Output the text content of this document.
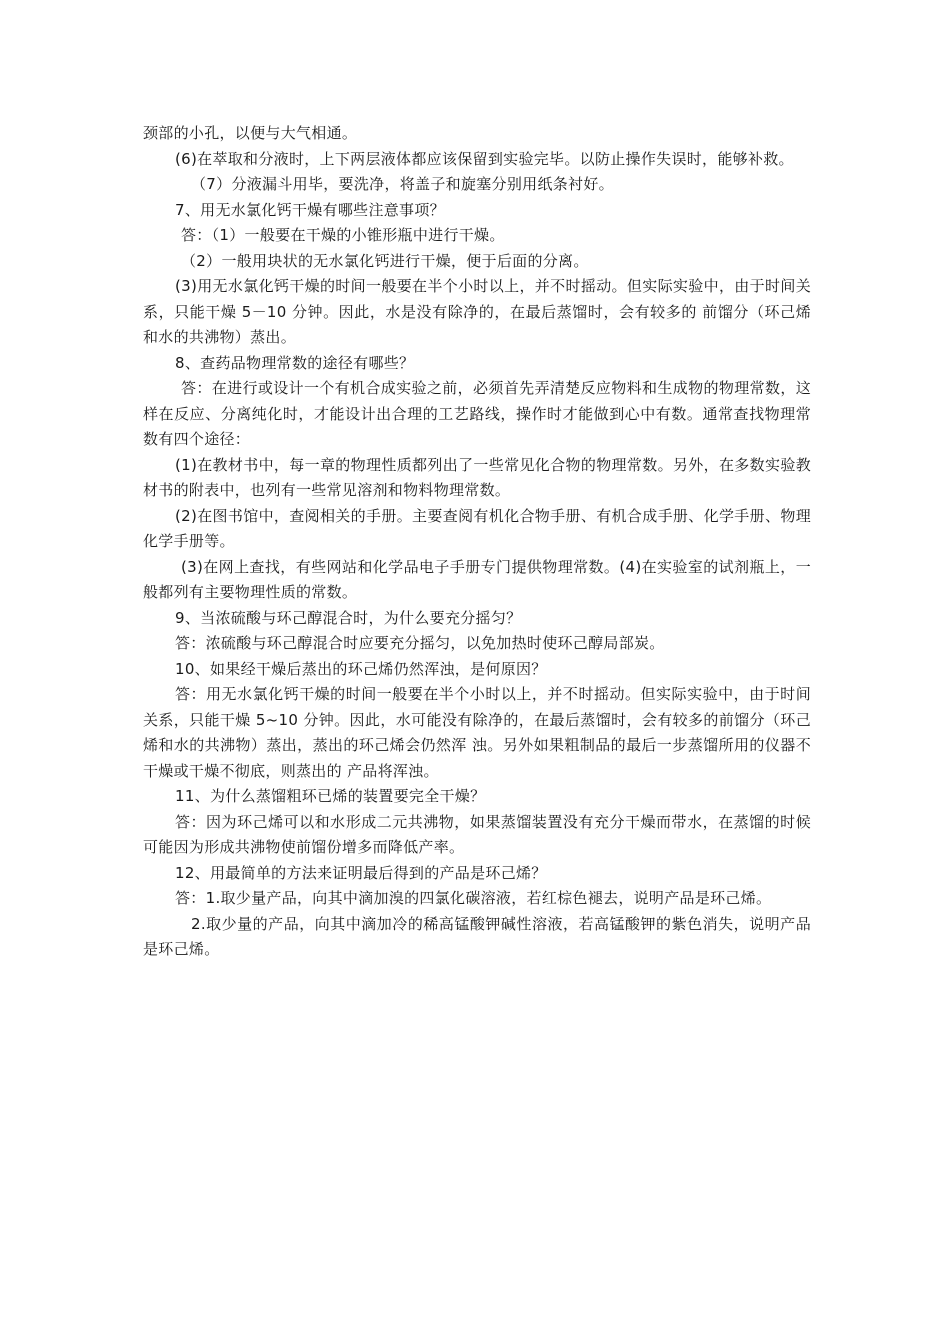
颈部的小孔，以便与大气相通。

(6)在萃取和分液时，上下两层液体都应该保留到实验完毕。以防止操作失误时，能够补救。

（7）分液漏斗用毕，要洗净，将盖子和旋塞分别用纸条衬好。

7、用无水氯化钙干燥有哪些注意事项？

答：（1）一般要在干燥的小锥形瓶中进行干燥。

（2）一般用块状的无水氯化钙进行干燥，便于后面的分离。

(3)用无水氯化钙干燥的时间一般要在半个小时以上，并不时摇动。但实际实验中，由于时间关系，只能干燥 5－10 分钟。因此，水是没有除净的，在最后蒸馏时，会有较多的 前馏分（环己烯和水的共沸物）蒸出。

8、查药品物理常数的途径有哪些？

答：在进行或设计一个有机合成实验之前，必须首先弄清楚反应物料和生成物的物理常数，这样在反应、分离纯化时，才能设计出合理的工艺路线，操作时才能做到心中有数。通常查找物理常数有四个途径：

(1)在教材书中，每一章的物理性质都列出了一些常见化合物的物理常数。另外，在多数实验教材书的附表中，也列有一些常见溶剂和物料物理常数。

(2)在图书馆中，查阅相关的手册。主要查阅有机化合物手册、有机合成手册、化学手册、物理化学手册等。

(3)在网上查找，有些网站和化学品电子手册专门提供物理常数。(4)在实验室的试剂瓶上，一般都列有主要物理性质的常数。

9、当浓硫酸与环己醇混合时，为什么要充分摇匀？

答：浓硫酸与环己醇混合时应要充分摇匀，以免加热时使环己醇局部炭。

10、如果经干燥后蒸出的环己烯仍然浑浊，是何原因？

答：用无水氯化钙干燥的时间一般要在半个小时以上，并不时摇动。但实际实验中，由于时间关系，只能干燥 5~10 分钟。因此，水可能没有除净的，在最后蒸馏时，会有较多的前馏分（环己烯和水的共沸物）蒸出，蒸出的环己烯会仍然浑 浊。另外如果粗制品的最后一步蒸馏所用的仪器不干燥或干燥不彻底，则蒸出的 产品将浑浊。

11、为什么蒸馏粗环已烯的装置要完全干燥？

答：因为环己烯可以和水形成二元共沸物，如果蒸馏装置没有充分干燥而带水，在蒸馏的时候可能因为形成共沸物使前馏份增多而降低产率。

12、用最简单的方法来证明最后得到的产品是环己烯？

答：1.取少量产品，向其中滴加溴的四氯化碳溶液，若红棕色褪去，说明产品是环己烯。

2.取少量的产品，向其中滴加冷的稀高锰酸钾碱性溶液，若高锰酸钾的紫色消失，说明产品是环己烯。
